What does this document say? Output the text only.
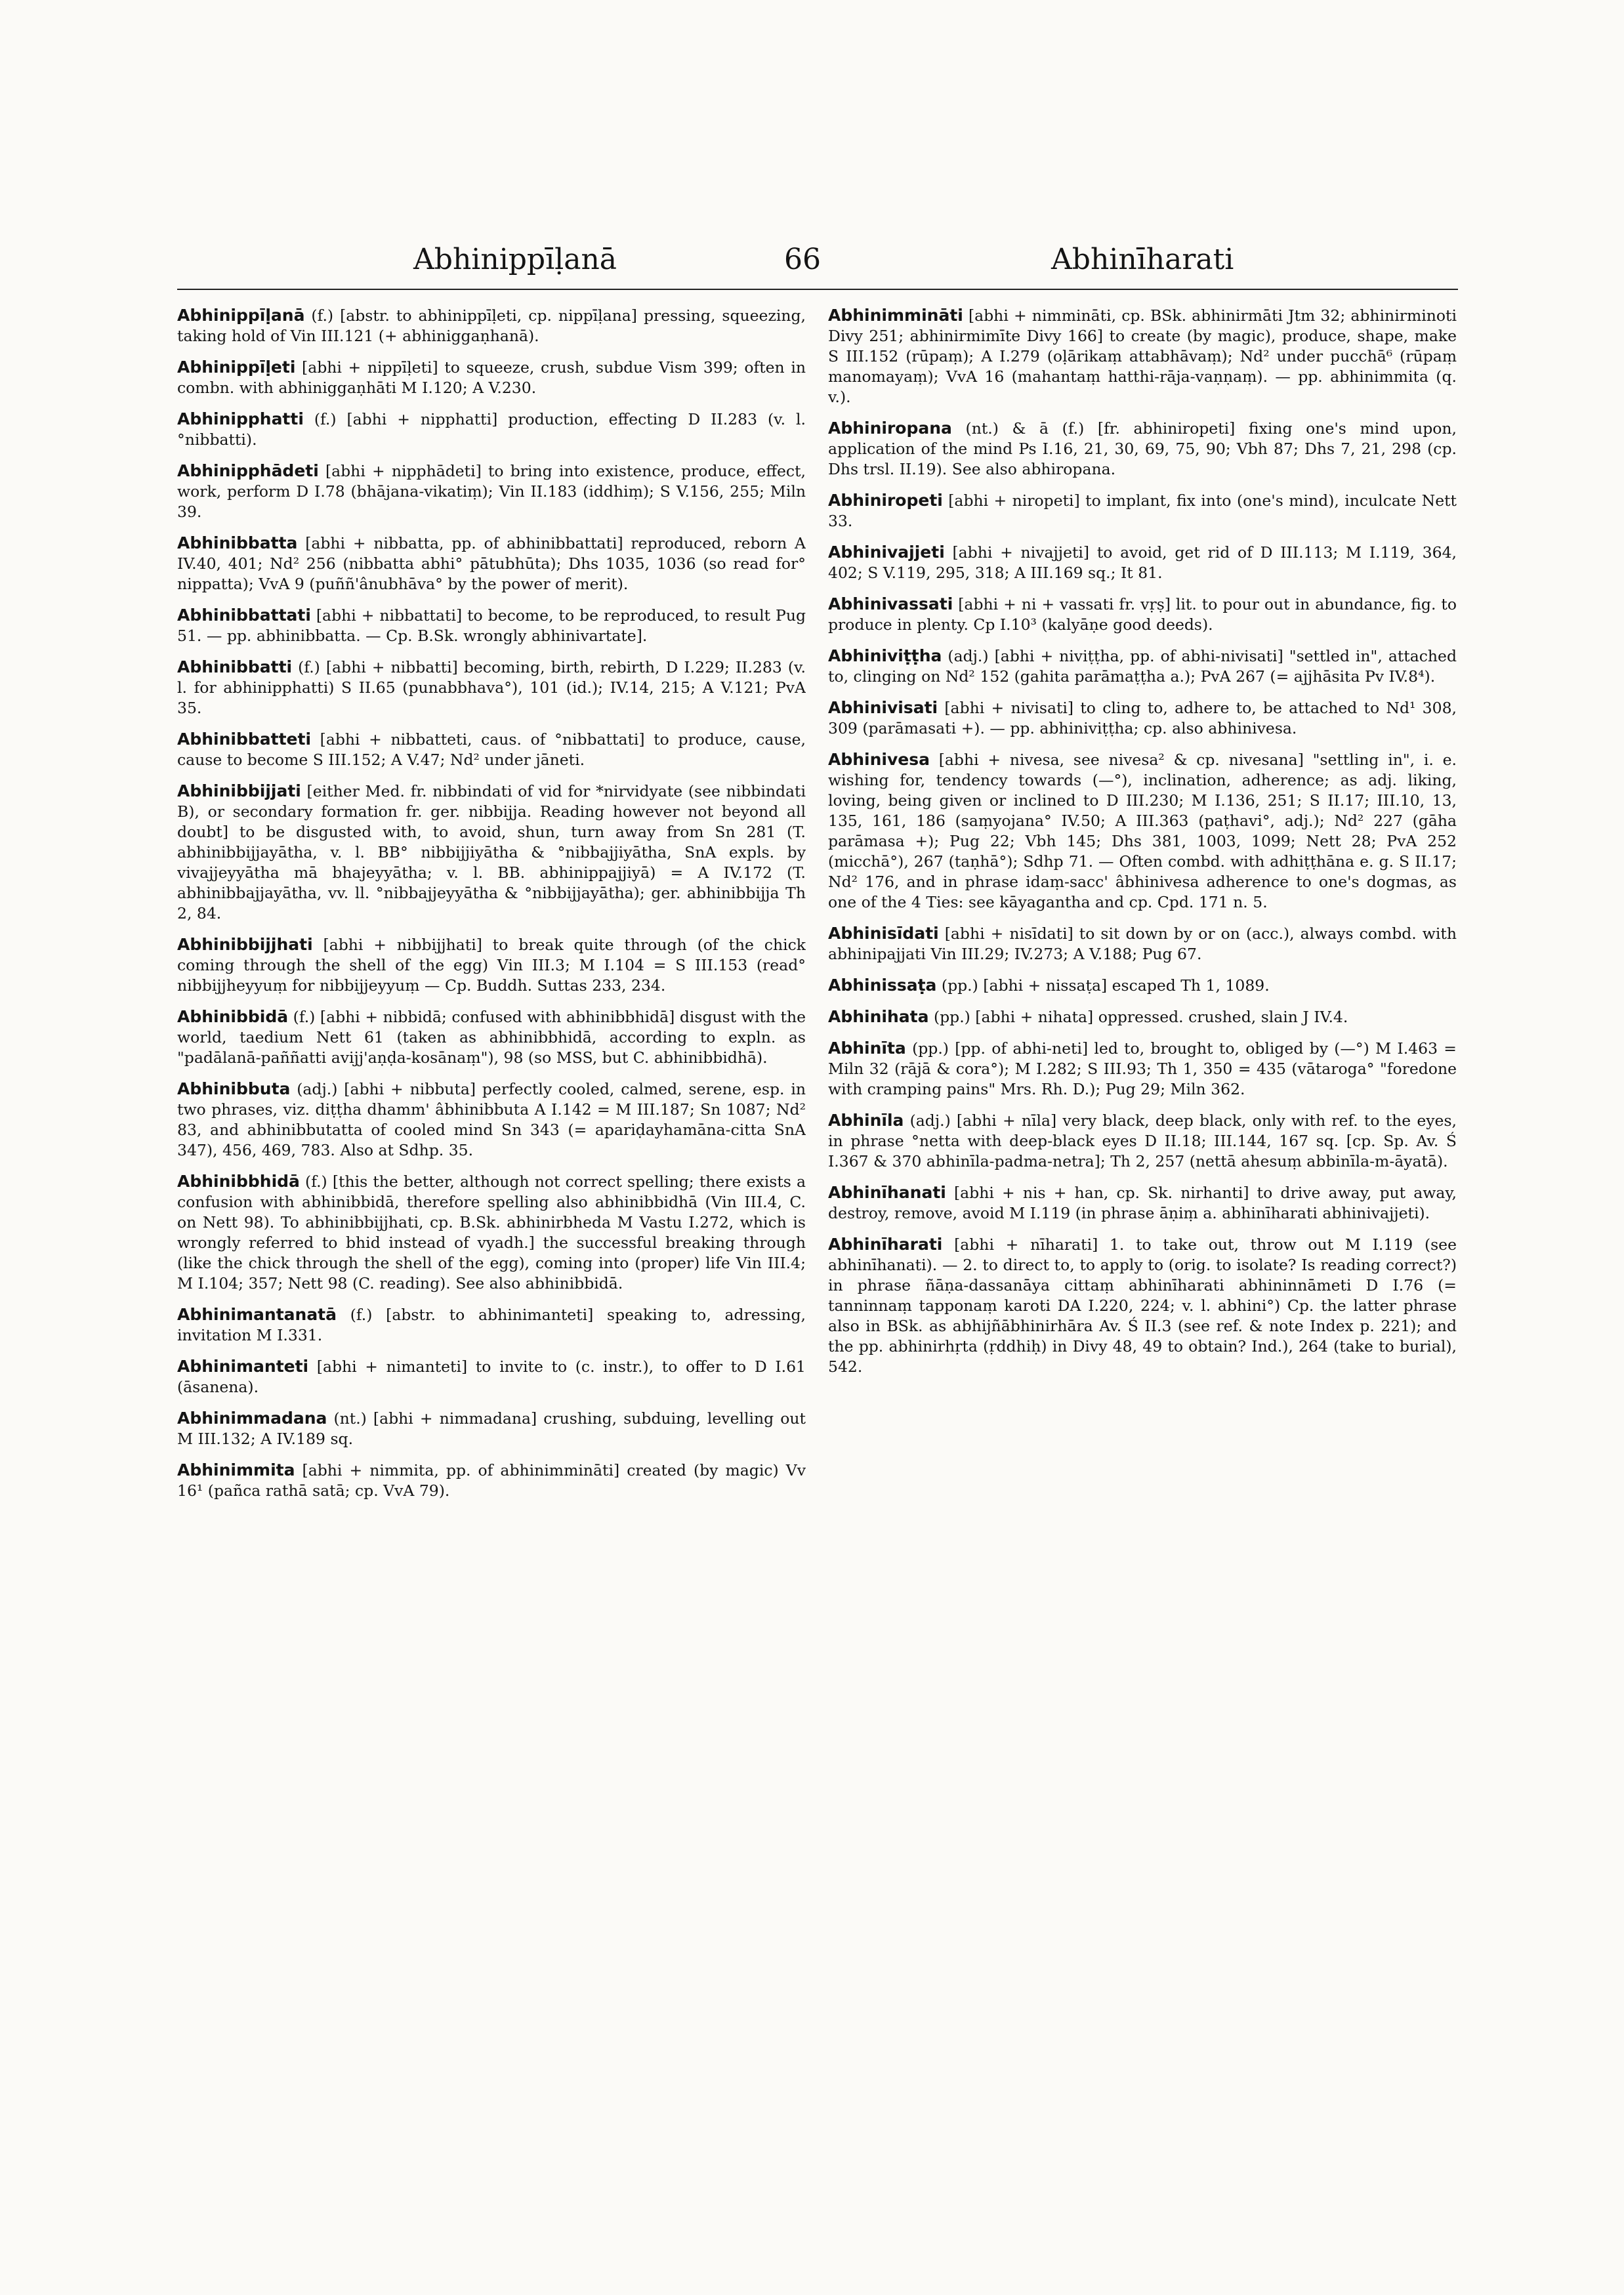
Abhinippīḷanā	66	Abhinīharati

Abhinippīḷanā (f.) [abstr. to abhinippīḷeti, cp. nippīḷana] pressing, squeezing, taking hold of Vin III.121 (+ abhiniggaṇhanā).

Abhinippīḷeti [abhi + nippīḷeti] to squeeze, crush, subdue Vism 399; often in combn. with abhiniggaṇhāti M I.120; A V.230.

Abhinipphatti (f.) [abhi + nipphatti] production, effecting D II.283 (v. l. °nibbatti).

Abhinipphādeti [abhi + nipphādeti] to bring into existence, produce, effect, work, perform D I.78 (bhājana-vikatiṃ); Vin II.183 (iddhiṃ); S V.156, 255; Miln 39.

Abhinibbatta [abhi + nibbatta, pp. of abhinibbattati] reproduced, reborn A IV.40, 401; Nd² 256 (nibbatta abhi° pātubhūta); Dhs 1035, 1036 (so read for° nippatta); VvA 9 (puññ'ânubhāva° by the power of merit).

Abhinibbattati [abhi + nibbattati] to become, to be reproduced, to result Pug 51. — pp. abhinibbatta. — Cp. B.Sk. wrongly abhinivartate].

Abhinibbatti (f.) [abhi + nibbatti] becoming, birth, rebirth, D I.229; II.283 (v. l. for abhinipphatti) S II.65 (punabbhava°), 101 (id.); IV.14, 215; A V.121; PvA 35.

Abhinibbatteti [abhi + nibbatteti, caus. of °nibbattati] to produce, cause, cause to become S III.152; A V.47; Nd² under jāneti.

Abhinibbijjati [either Med. fr. nibbindati of vid for *nirvidyate (see nibbindati B), or secondary formation fr. ger. nibbijja. Reading however not beyond all doubt] to be disgusted with, to avoid, shun, turn away from Sn 281 (T. abhinibbijjayātha, v. l. BB° nibbijjiyātha & °nibbajjiyātha, SnA expls. by vivajjeyyātha mā bhajeyyātha; v. l. BB. abhinippajjiyā) = A IV.172 (T. abhinibbajjayātha, vv. ll. °nibbajjeyyātha & °nibbijjayātha); ger. abhinibbijja Th 2, 84.

Abhinibbijjhati [abhi + nibbijjhati] to break quite through (of the chick coming through the shell of the egg) Vin III.3; M I.104 = S III.153 (read° nibbijjheyyuṃ for nibbijjeyyuṃ — Cp. Buddh. Suttas 233, 234.

Abhinibbidā (f.) [abhi + nibbidā; confused with abhinibbhidā] disgust with the world, taedium Nett 61 (taken as abhinibbhidā, according to expln. as "padālanā-paññatti avijj'aṇḍa-kosānaṃ"), 98 (so MSS, but C. abhinibbidhā).

Abhinibbuta (adj.) [abhi + nibbuta] perfectly cooled, calmed, serene, esp. in two phrases, viz. diṭṭha dhamm' âbhinibbuta A I.142 = M III.187; Sn 1087; Nd² 83, and abhinibbutatta of cooled mind Sn 343 (= apariḍayhamāna-citta SnA 347), 456, 469, 783. Also at Sdhp. 35.

Abhinibbhidā (f.) [this the better, although not correct spelling; there exists a confusion with abhinibbidā, therefore spelling also abhinibbidhā (Vin III.4, C. on Nett 98). To abhinibbijjhati, cp. B.Sk. abhinirbheda M Vastu I.272, which is wrongly referred to bhid instead of vyadh.] the successful breaking through (like the chick through the shell of the egg), coming into (proper) life Vin III.4; M I.104; 357; Nett 98 (C. reading). See also abhinibbidā.

Abhinimantanatā (f.) [abstr. to abhinimanteti] speaking to, adressing, invitation M I.331.

Abhinimanteti [abhi + nimanteti] to invite to (c. instr.), to offer to D I.61 (āsanena).

Abhinimmadana (nt.) [abhi + nimmadana] crushing, subduing, levelling out M III.132; A IV.189 sq.

Abhinimmita [abhi + nimmita, pp. of abhinimmināti] created (by magic) Vv 16¹ (pañca rathā satā; cp. VvA 79).

Abhinimmināti [abhi + nimmināti, cp. BSk. abhinirmāti Jtm 32; abhinirminoti Divy 251; abhinirmimīte Divy 166] to create (by magic), produce, shape, make S III.152 (rūpaṃ); A I.279 (oḷārikaṃ attabhāvaṃ); Nd² under pucchā⁶ (rūpaṃ manomayaṃ); VvA 16 (mahantaṃ hatthi-rāja-vaṇṇaṃ). — pp. abhinimmita (q. v.).

Abhiniropana (nt.) & ā (f.) [fr. abhiniropeti] fixing one's mind upon, application of the mind Ps I.16, 21, 30, 69, 75, 90; Vbh 87; Dhs 7, 21, 298 (cp. Dhs trsl. II.19). See also abhiropana.

Abhiniropeti [abhi + niropeti] to implant, fix into (one's mind), inculcate Nett 33.

Abhinivajjeti [abhi + nivajjeti] to avoid, get rid of D III.113; M I.119, 364, 402; S V.119, 295, 318; A III.169 sq.; It 81.

Abhinivassati [abhi + ni + vassati fr. vṛṣ] lit. to pour out in abundance, fig. to produce in plenty. Cp I.10³ (kalyāṇe good deeds).

Abhiniviṭṭha (adj.) [abhi + niviṭṭha, pp. of abhi-nivisati] "settled in", attached to, clinging on Nd² 152 (gahita parāmaṭṭha a.); PvA 267 (= ajjhāsita Pv IV.8⁴).

Abhinivisati [abhi + nivisati] to cling to, adhere to, be attached to Nd¹ 308, 309 (parāmasati +). — pp. abhiniviṭṭha; cp. also abhinivesa.

Abhinivesa [abhi + nivesa, see nivesa² & cp. nivesana] "settling in", i. e. wishing for, tendency towards (—°), inclination, adherence; as adj. liking, loving, being given or inclined to D III.230; M I.136, 251; S II.17; III.10, 13, 135, 161, 186 (saṃyojana° IV.50; A III.363 (paṭhavi°, adj.); Nd² 227 (gāha parāmasa +); Pug 22; Vbh 145; Dhs 381, 1003, 1099; Nett 28; PvA 252 (micchā°), 267 (taṇhā°); Sdhp 71. — Often combd. with adhiṭṭhāna e. g. S II.17; Nd² 176, and in phrase idaṃ-sacc' âbhinivesa adherence to one's dogmas, as one of the 4 Ties: see kāyagantha and cp. Cpd. 171 n. 5.

Abhinisīdati [abhi + nisīdati] to sit down by or on (acc.), always combd. with abhinipajjati Vin III.29; IV.273; A V.188; Pug 67.

Abhinissaṭa (pp.) [abhi + nissaṭa] escaped Th 1, 1089.

Abhinihata (pp.) [abhi + nihata] oppressed. crushed, slain J IV.4.

Abhinīta (pp.) [pp. of abhi-neti] led to, brought to, obliged by (—°) M I.463 = Miln 32 (rājā & cora°); M I.282; S III.93; Th 1, 350 = 435 (vātaroga° "foredone with cramping pains" Mrs. Rh. D.); Pug 29; Miln 362.

Abhinīla (adj.) [abhi + nīla] very black, deep black, only with ref. to the eyes, in phrase °netta with deep-black eyes D II.18; III.144, 167 sq. [cp. Sp. Av. Ś I.367 & 370 abhinīla-padma-netra]; Th 2, 257 (nettā ahesuṃ abbinīla-m-āyatā).

Abhinīhanati [abhi + nis + han, cp. Sk. nirhanti] to drive away, put away, destroy, remove, avoid M I.119 (in phrase āṇiṃ a. abhinīharati abhinivajjeti).

Abhinīharati [abhi + nīharati] 1. to take out, throw out M I.119 (see abhinīhanati). — 2. to direct to, to apply to (orig. to isolate? Is reading correct?) in phrase ñāṇa-dassanāya cittaṃ abhinīharati abhininnāmeti D I.76 (= tanninnaṃ tapponaṃ karoti DA I.220, 224; v. l. abhini°) Cp. the latter phrase also in BSk. as abhijñābhinirhāra Av. Ś II.3 (see ref. & note Index p. 221); and the pp. abhinirhṛta (ṛddhiḥ) in Divy 48, 49 to obtain? Ind.), 264 (take to burial), 542.
